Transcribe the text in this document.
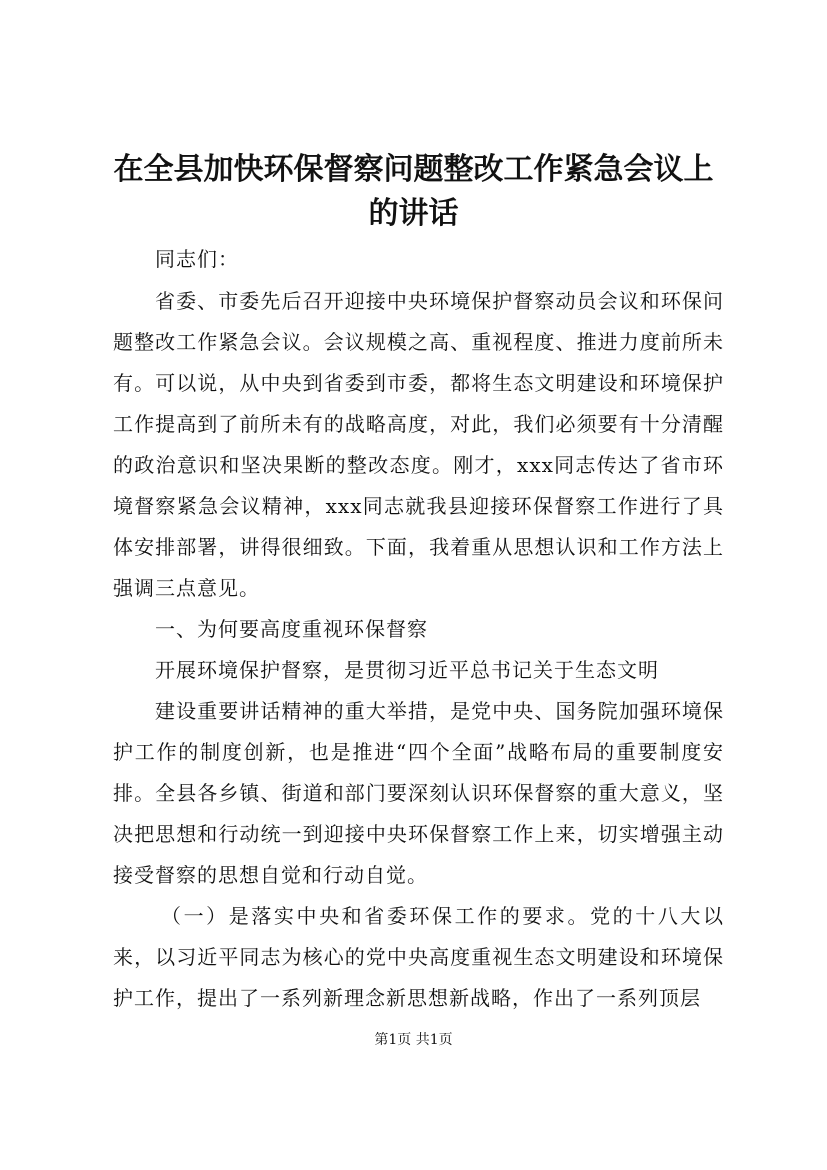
在全县加快环保督察问题整改工作紧急会议上的讲话
同志们：
省委、市委先后召开迎接中央环境保护督察动员会议和环保问题整改工作紧急会议。会议规模之高、重视程度、推进力度前所未有。可以说，从中央到省委到市委，都将生态文明建设和环境保护工作提高到了前所未有的战略高度，对此，我们必须要有十分清醒的政治意识和坚决果断的整改态度。刚才，xxx同志传达了省市环境督察紧急会议精神，xxx同志就我县迎接环保督察工作进行了具体安排部署，讲得很细致。下面，我着重从思想认识和工作方法上强调三点意见。
一、为何要高度重视环保督察
开展环境保护督察，是贯彻习近平总书记关于生态文明
建设重要讲话精神的重大举措，是党中央、国务院加强环境保护工作的制度创新，也是推进“四个全面”战略布局的重要制度安排。全县各乡镇、街道和部门要深刻认识环保督察的重大意义，坚决把思想和行动统一到迎接中央环保督察工作上来，切实增强主动接受督察的思想自觉和行动自觉。
（一）是落实中央和省委环保工作的要求。党的十八大以来，以习近平同志为核心的党中央高度重视生态文明建设和环境保护工作，提出了一系列新理念新思想新战略，作出了一系列顶层
第1页 共1页
